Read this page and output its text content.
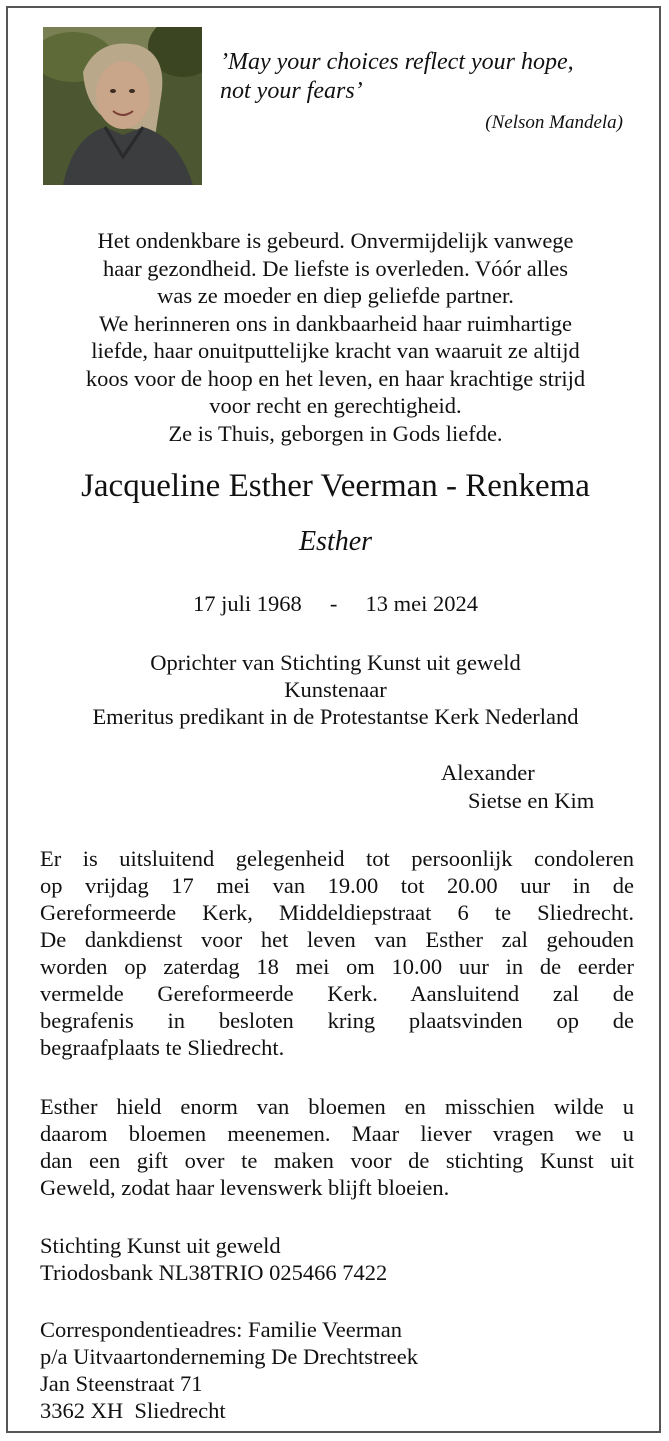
’May your choices reflect your hope,
not your fears’
(Nelson Mandela)
Het ondenkbare is gebeurd. Onvermijdelijk vanwege
haar gezondheid. De liefste is overleden. Vóór alles
was ze moeder en diep geliefde partner.
We herinneren ons in dankbaarheid haar ruimhartige
liefde, haar onuitputtelijke kracht van waaruit ze altijd
koos voor de hoop en het leven, en haar krachtige strijd
voor recht en gerechtigheid.
Ze is Thuis, geborgen in Gods liefde.
Jacqueline Esther Veerman - Renkema
Esther
17 juli 1968 - 13 mei 2024
Oprichter van Stichting Kunst uit geweld
Kunstenaar
Emeritus predikant in de Protestantse Kerk Nederland
Alexander
Sietse en Kim
Er is uitsluitend gelegenheid tot persoonlijk condoleren
op vrijdag 17 mei van 19.00 tot 20.00 uur in de
Gereformeerde Kerk, Middeldiepstraat 6 te Sliedrecht.
De dankdienst voor het leven van Esther zal gehouden
worden op zaterdag 18 mei om 10.00 uur in de eerder
vermelde Gereformeerde Kerk. Aansluitend zal de
begrafenis in besloten kring plaatsvinden op de
begraafplaats te Sliedrecht.
Esther hield enorm van bloemen en misschien wilde u
daarom bloemen meenemen. Maar liever vragen we u
dan een gift over te maken voor de stichting Kunst uit
Geweld, zodat haar levenswerk blijft bloeien.
Stichting Kunst uit geweld
Triodosbank NL38TRIO 025466 7422
Correspondentieadres: Familie Veerman
p/a Uitvaartonderneming De Drechtstreek
Jan Steenstraat 71
3362 XH  Sliedrecht
